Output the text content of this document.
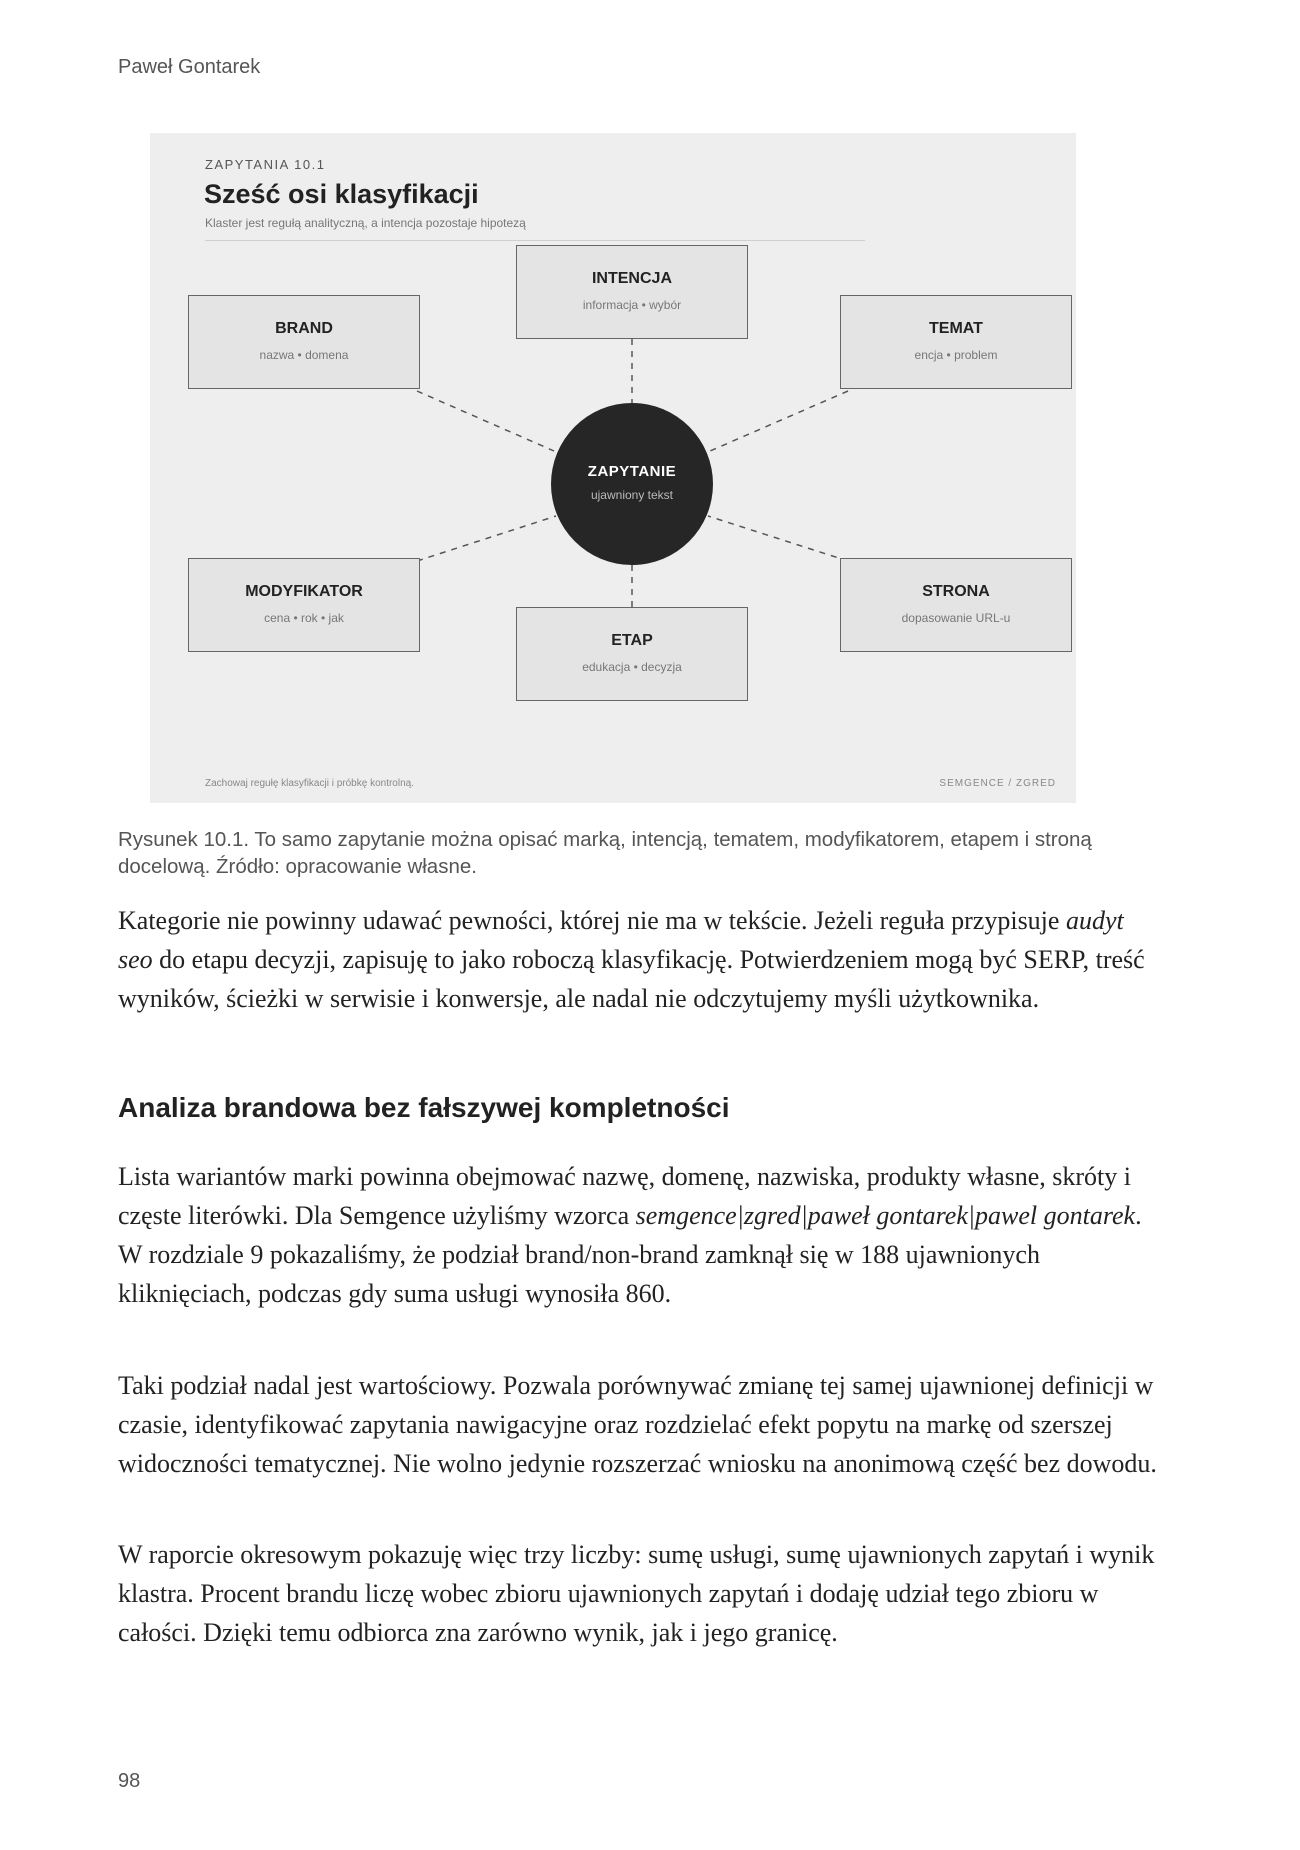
Paweł Gontarek
ZAPYTANIA 10.1
Sześć osi klasyfikacji
Klaster jest regułą analityczną, a intencja pozostaje hipotezą
INTENCJA
informacja • wybór
BRAND
nazwa • domena
TEMAT
encja • problem
MODYFIKATOR
cena • rok • jak
STRONA
dopasowanie URL-u
ETAP
edukacja • decyzja
ZAPYTANIE
ujawniony tekst
Zachowaj regułę klasyfikacji i próbkę kontrolną.	SEMGENCE / ZGRED
Rysunek 10.1. To samo zapytanie można opisać marką, intencją, tematem, modyfikatorem, etapem i stroną docelową. Źródło: opracowanie własne.

Kategorie nie powinny udawać pewności, której nie ma w tekście. Jeżeli reguła przypisuje audyt seo do etapu decyzji, zapisuję to jako roboczą klasyfikację. Potwierdzeniem mogą być SERP, treść wyników, ścieżki w serwisie i konwersje, ale nadal nie odczytujemy myśli użytkownika.

Analiza brandowa bez fałszywej kompletności

Lista wariantów marki powinna obejmować nazwę, domenę, nazwiska, produkty własne, skróty i częste literówki. Dla Semgence użyliśmy wzorca semgence|zgred|paweł gontarek|pawel gontarek. W rozdziale 9 pokazaliśmy, że podział brand/non-brand zamknął się w 188 ujawnionych kliknięciach, podczas gdy suma usługi wynosiła 860.

Taki podział nadal jest wartościowy. Pozwala porównywać zmianę tej samej ujawnionej definicji w czasie, identyfikować zapytania nawigacyjne oraz rozdzielać efekt popytu na markę od szerszej widoczności tematycznej. Nie wolno jedynie rozszerzać wniosku na anonimową część bez dowodu.

W raporcie okresowym pokazuję więc trzy liczby: sumę usługi, sumę ujawnionych zapytań i wynik klastra. Procent brandu liczę wobec zbioru ujawnionych zapytań i dodaję udział tego zbioru w całości. Dzięki temu odbiorca zna zarówno wynik, jak i jego granicę.

98
